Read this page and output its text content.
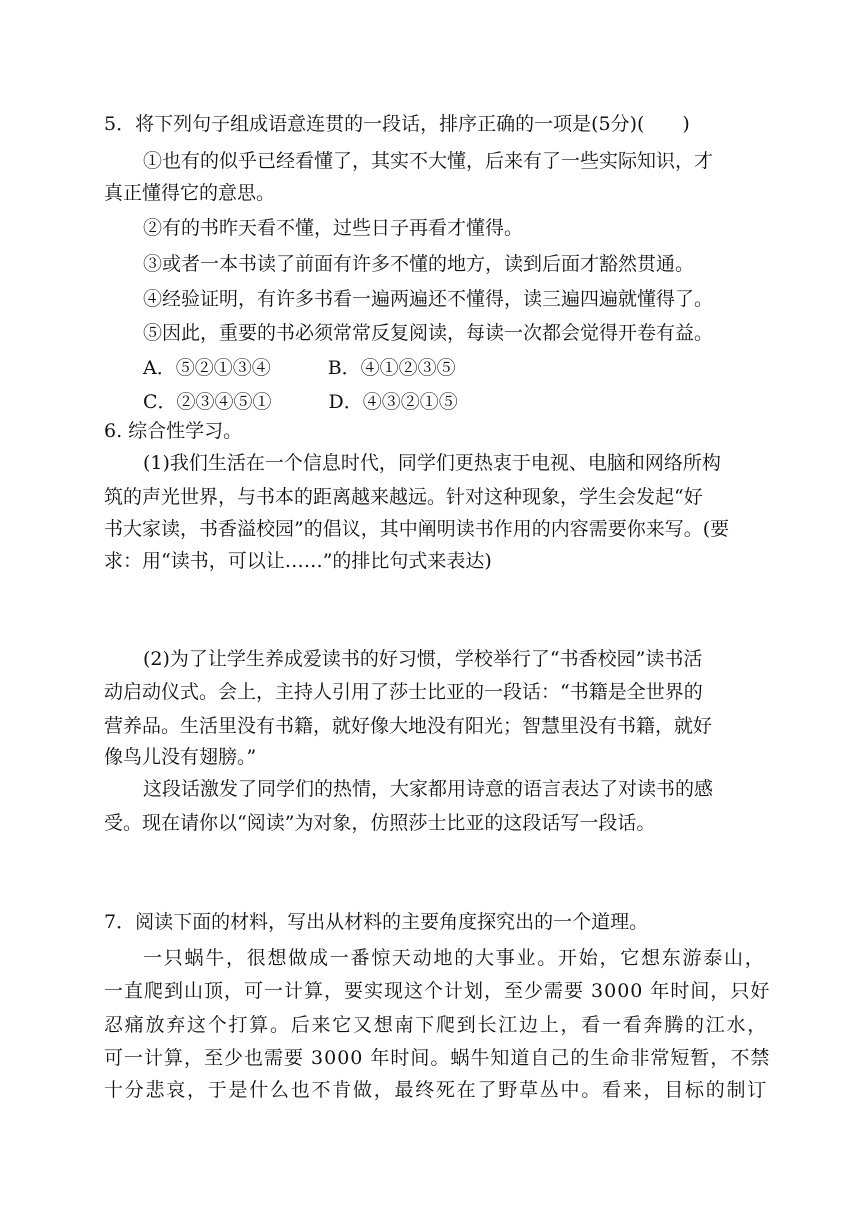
5．将下列句子组成语意连贯的一段话，排序正确的一项是(5分)(　　)

①也有的似乎已经看懂了，其实不大懂，后来有了一些实际知识，才

真正懂得它的意思。

②有的书昨天看不懂，过些日子再看才懂得。

③或者一本书读了前面有许多不懂的地方，读到后面才豁然贯通。

④经验证明，有许多书看一遍两遍还不懂得，读三遍四遍就懂得了。

⑤因此，重要的书必须常常反复阅读，每读一次都会觉得开卷有益。

A．⑤②①③④　　　B．④①②③⑤

C．②③④⑤①　　　D．④③②①⑤

6. 综合性学习。

(1)我们生活在一个信息时代，同学们更热衷于电视、电脑和网络所构

筑的声光世界，与书本的距离越来越远。针对这种现象，学生会发起“好

书大家读，书香溢校园”的倡议，其中阐明读书作用的内容需要你来写。(要

求：用“读书，可以让……”的排比句式来表达)

(2)为了让学生养成爱读书的好习惯，学校举行了“书香校园”读书活

动启动仪式。会上，主持人引用了莎士比亚的一段话：“书籍是全世界的

营养品。生活里没有书籍，就好像大地没有阳光；智慧里没有书籍，就好

像鸟儿没有翅膀。”

这段话激发了同学们的热情，大家都用诗意的语言表达了对读书的感

受。现在请你以“阅读”为对象，仿照莎士比亚的这段话写一段话。

7．阅读下面的材料，写出从材料的主要角度探究出的一个道理。

一只蜗牛，很想做成一番惊天动地的大事业。开始，它想东游泰山，

一直爬到山顶，可一计算，要实现这个计划，至少需要 3000 年时间，只好

忍痛放弃这个打算。后来它又想南下爬到长江边上，看一看奔腾的江水，

可一计算，至少也需要 3000 年时间。蜗牛知道自己的生命非常短暂，不禁

十分悲哀，于是什么也不肯做，最终死在了野草丛中。看来，目标的制订
